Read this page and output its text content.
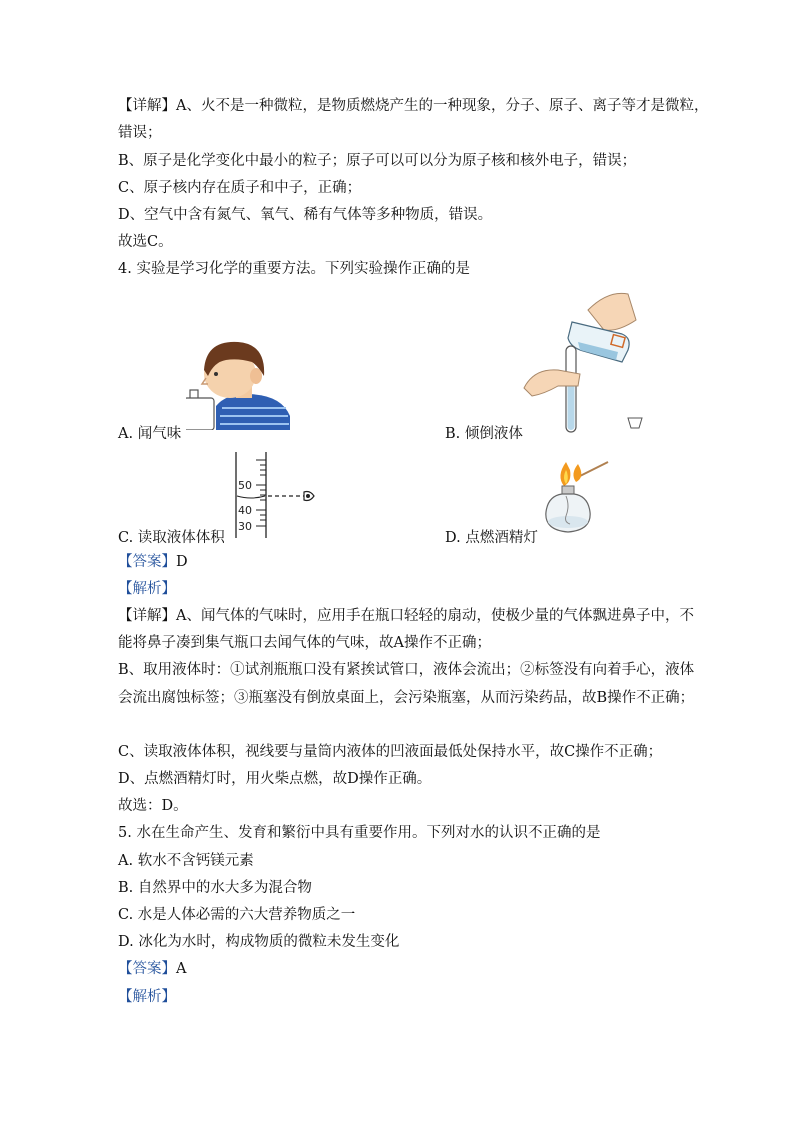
【详解】A、火不是一种微粒，是物质燃烧产生的一种现象，分子、原子、离子等才是微粒，
错误；
B、原子是化学变化中最小的粒子；原子可以可以分为原子核和核外电子，错误；
C、原子核内存在质子和中子，正确；
D、空气中含有氮气、氧气、稀有气体等多种物质，错误。
故选C。
4. 实验是学习化学的重要方法。下列实验操作正确的是
A. 闻气味	B. 倾倒液体
50
40
30
C. 读取液体体积	D. 点燃酒精灯
【答案】D
【解析】
【详解】A、闻气体的气味时，应用手在瓶口轻轻的扇动，使极少量的气体飘进鼻子中，不
能将鼻子凑到集气瓶口去闻气体的气味，故A操作不正确；
B、取用液体时：①试剂瓶瓶口没有紧挨试管口，液体会流出；②标签没有向着手心，液体
会流出腐蚀标签；③瓶塞没有倒放桌面上，会污染瓶塞，从而污染药品，故B操作不正确；
C、读取液体体积，视线要与量筒内液体的凹液面最低处保持水平，故C操作不正确；
D、点燃酒精灯时，用火柴点燃，故D操作正确。
故选：D。
5. 水在生命产生、发育和繁衍中具有重要作用。下列对水的认识不正确的是
A. 软水不含钙镁元素
B. 自然界中的水大多为混合物
C. 水是人体必需的六大营养物质之一
D. 冰化为水时，构成物质的微粒未发生变化
【答案】A
【解析】
